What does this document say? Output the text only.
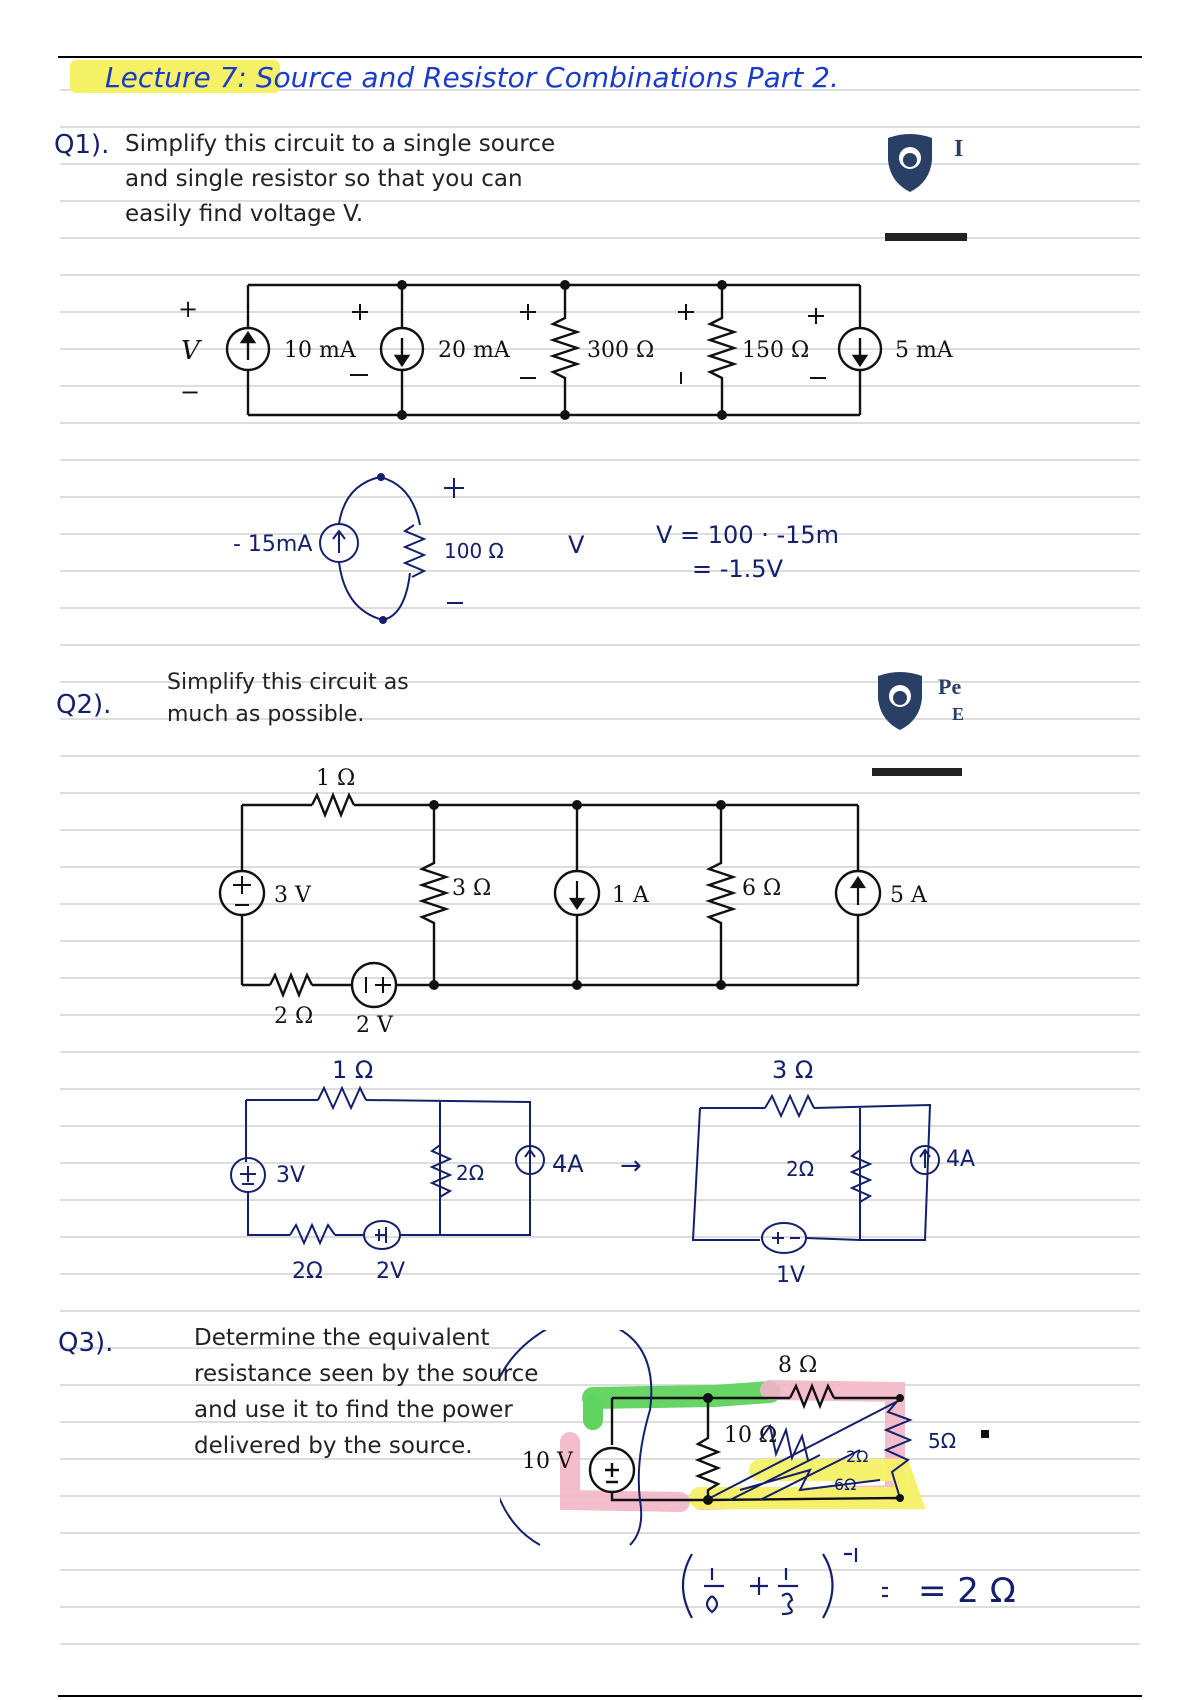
Lecture 7: Source and Resistor Combinations Part 2.
Q1). Simplify this circuit to a single source
and single resistor so that you can
easily find voltage V.

I
+
V
−
10 mA	20 mA	300 Ω	150 Ω	5 mA
- 15mA	100 Ω	V	V = 100 · -15m
= -1.5V
Q2).

Simplify this circuit as
much as possible.

Pe
E
1 Ω
3 V	3 Ω	1 A	6 Ω	5 A
2 Ω 2 V
1 Ω
3V	2Ω	4A
2Ω 2V
→
3 Ω
2Ω	4A
1V
Q3).	Determine the equivalent
resistance seen by the source
and use it to find the power
delivered by the source.

8 Ω
10 Ω
10 V	2Ω
6Ω
5Ω
= 2 Ω
